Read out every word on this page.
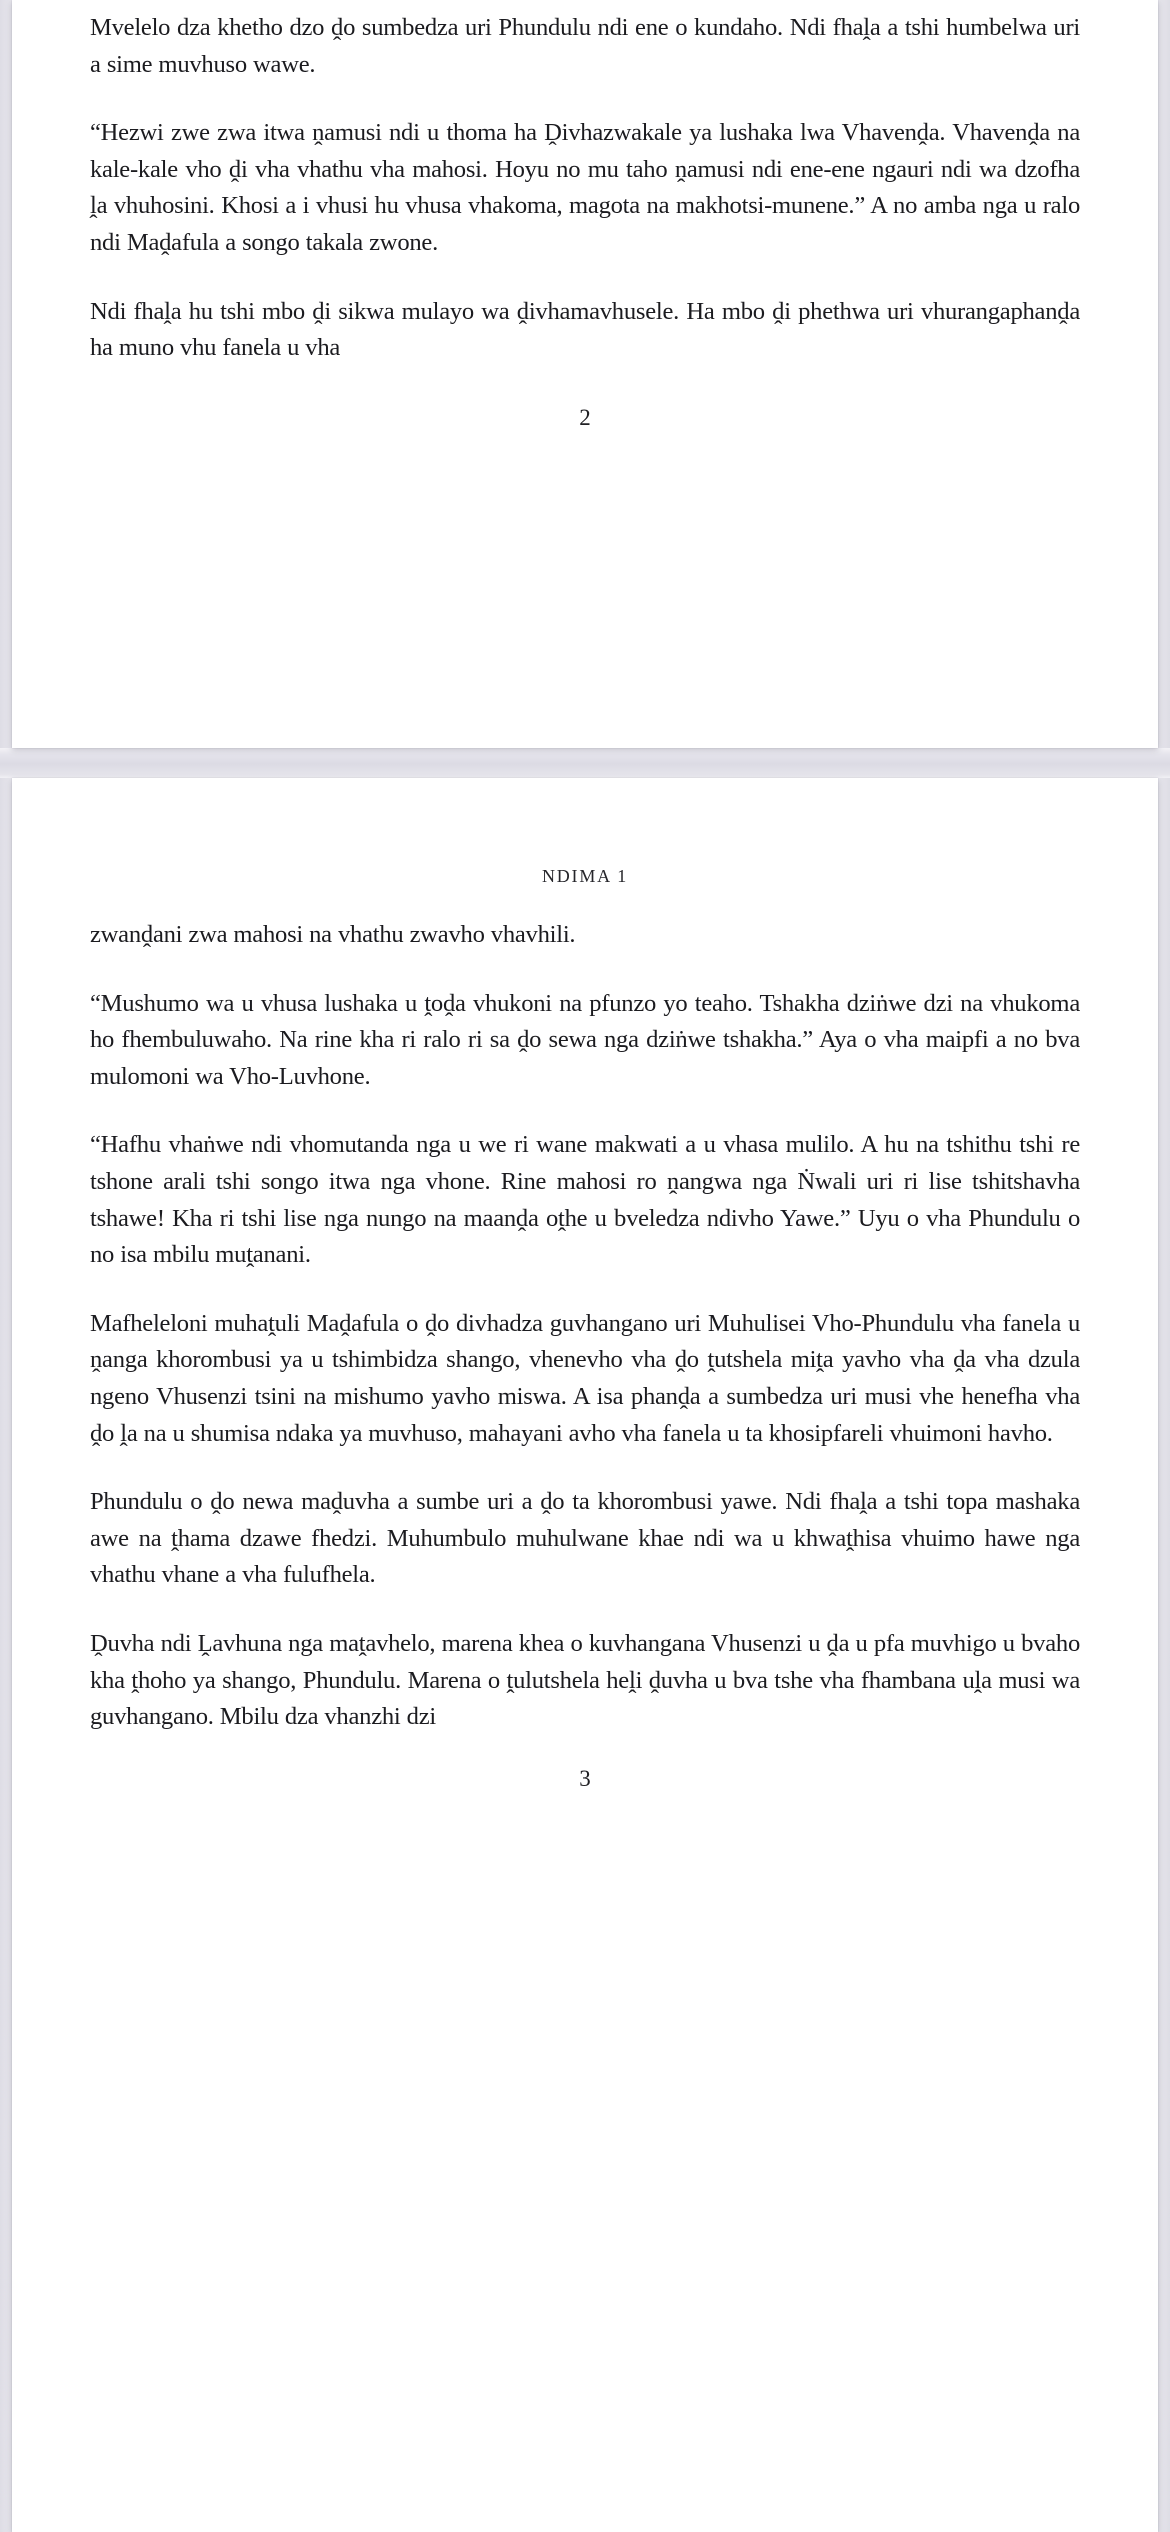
Mvelelo dza khetho dzo ḓo sumbedza uri Phundulu ndi ene o kundaho. Ndi fhaḽa a tshi humbelwa uri a sime muvhuso wawe.

“Hezwi zwe zwa itwa ṋamusi ndi u thoma ha Ḓivhazwakale ya lushaka lwa Vhavenḓa. Vhavenḓa na kale-kale vho ḓi vha vhathu vha mahosi. Hoyu no mu taho ṋamusi ndi ene-ene ngauri ndi wa dzofha ḽa vhuhosini. Khosi a i vhusi hu vhusa vhakoma, magota na makhotsi-munene.” A no amba nga u ralo ndi Maḓafula a songo takala zwone.

Ndi fhaḽa hu tshi mbo ḓi sikwa mulayo wa ḓivhamavhusele. Ha mbo ḓi phethwa uri vhurangaphanḓa ha muno vhu fanela u vha

2
NDIMA 1

zwanḓani zwa mahosi na vhathu zwavho vhavhili.

“Mushumo wa u vhusa lushaka u ṱoḓa vhukoni na pfunzo yo teaho. Tshakha dziṅwe dzi na vhukoma ho fhembuluwaho. Na rine kha ri ralo ri sa ḓo sewa nga dziṅwe tshakha.” Aya o vha maipfi a no bva mulomoni wa Vho-Luvhone.

“Hafhu vhaṅwe ndi vhomutanda nga u we ri wane makwati a u vhasa mulilo. A hu na tshithu tshi re tshone arali tshi songo itwa nga vhone. Rine mahosi ro ṋangwa nga Ṅwali uri ri lise tshitshavha tshawe! Kha ri tshi lise nga nungo na maanḓa oṱhe u bveledza ndivho Yawe.” Uyu o vha Phundulu o no isa mbilu muṱanani.

Mafheleloni muhaṱuli Maḓafula o ḓo divhadza guvhangano uri Muhulisei Vho-Phundulu vha fanela u ṋanga khorombusi ya u tshimbidza shango, vhenevho vha ḓo ṱutshela miṱa yavho vha ḓa vha dzula ngeno Vhusenzi tsini na mishumo yavho miswa. A isa phanḓa a sumbedza uri musi vhe henefha vha ḓo ḽa na u shumisa ndaka ya muvhuso, mahayani avho vha fanela u ta khosipfareli vhuimoni havho.

Phundulu o ḓo newa maḓuvha a sumbe uri a ḓo ta khorombusi yawe. Ndi fhaḽa a tshi topa mashaka awe na ṱhama dzawe fhedzi. Muhumbulo muhulwane khae ndi wa u khwaṱhisa vhuimo hawe nga vhathu vhane a vha fulufhela.

Ḓuvha ndi Ḽavhuna nga maṱavhelo, marena khea o kuvhangana Vhusenzi u ḓa u pfa muvhigo u bvaho kha ṱhoho ya shango, Phundulu. Marena o ṱulutshela heḽi ḓuvha u bva tshe vha fhambana uḽa musi wa guvhangano. Mbilu dza vhanzhi dzi

3
